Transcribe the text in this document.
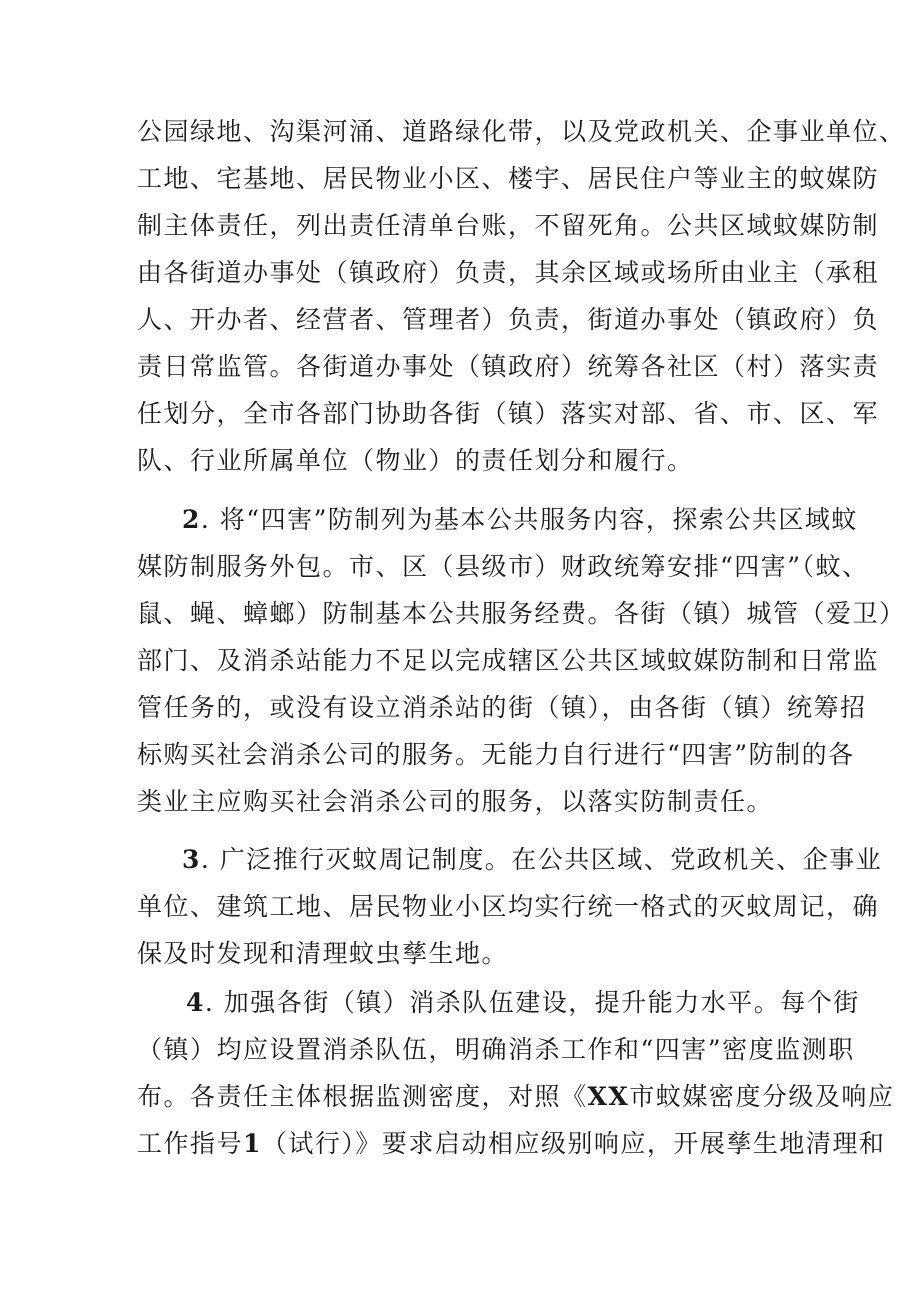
公园绿地、沟渠河涌、道路绿化带，以及党政机关、企事业单位、
工地、宅基地、居民物业小区、楼宇、居民住户等业主的蚊媒防
制主体责任，列出责任清单台账，不留死角。公共区域蚊媒防制
由各街道办事处（镇政府）负责，其余区域或场所由业主（承租
人、开办者、经营者、管理者）负责，街道办事处（镇政府）负
责日常监管。各街道办事处（镇政府）统筹各社区（村）落实责
任划分，全市各部门协助各街（镇）落实对部、省、市、区、军
队、行业所属单位（物业）的责任划分和履行。
2. 将“四害”防制列为基本公共服务内容，探索公共区域蚊
媒防制服务外包。市、区（县级市）财政统筹安排“四害”（蚊、
鼠、蝇、蟑螂）防制基本公共服务经费。各街（镇）城管（爱卫）
部门、及消杀站能力不足以完成辖区公共区域蚊媒防制和日常监
管任务的，或没有设立消杀站的街（镇），由各街（镇）统筹招
标购买社会消杀公司的服务。无能力自行进行“四害”防制的各
类业主应购买社会消杀公司的服务，以落实防制责任。
3. 广泛推行灭蚊周记制度。在公共区域、党政机关、企事业
单位、建筑工地、居民物业小区均实行统一格式的灭蚊周记，确
保及时发现和清理蚊虫孳生地。
4. 加强各街（镇）消杀队伍建设，提升能力水平。每个街
（镇）均应设置消杀队伍，明确消杀工作和“四害”密度监测职
布。各责任主体根据监测密度，对照《XX市蚊媒密度分级及响应
工作指号1（试行）》要求启动相应级别响应，开展孳生地清理和
